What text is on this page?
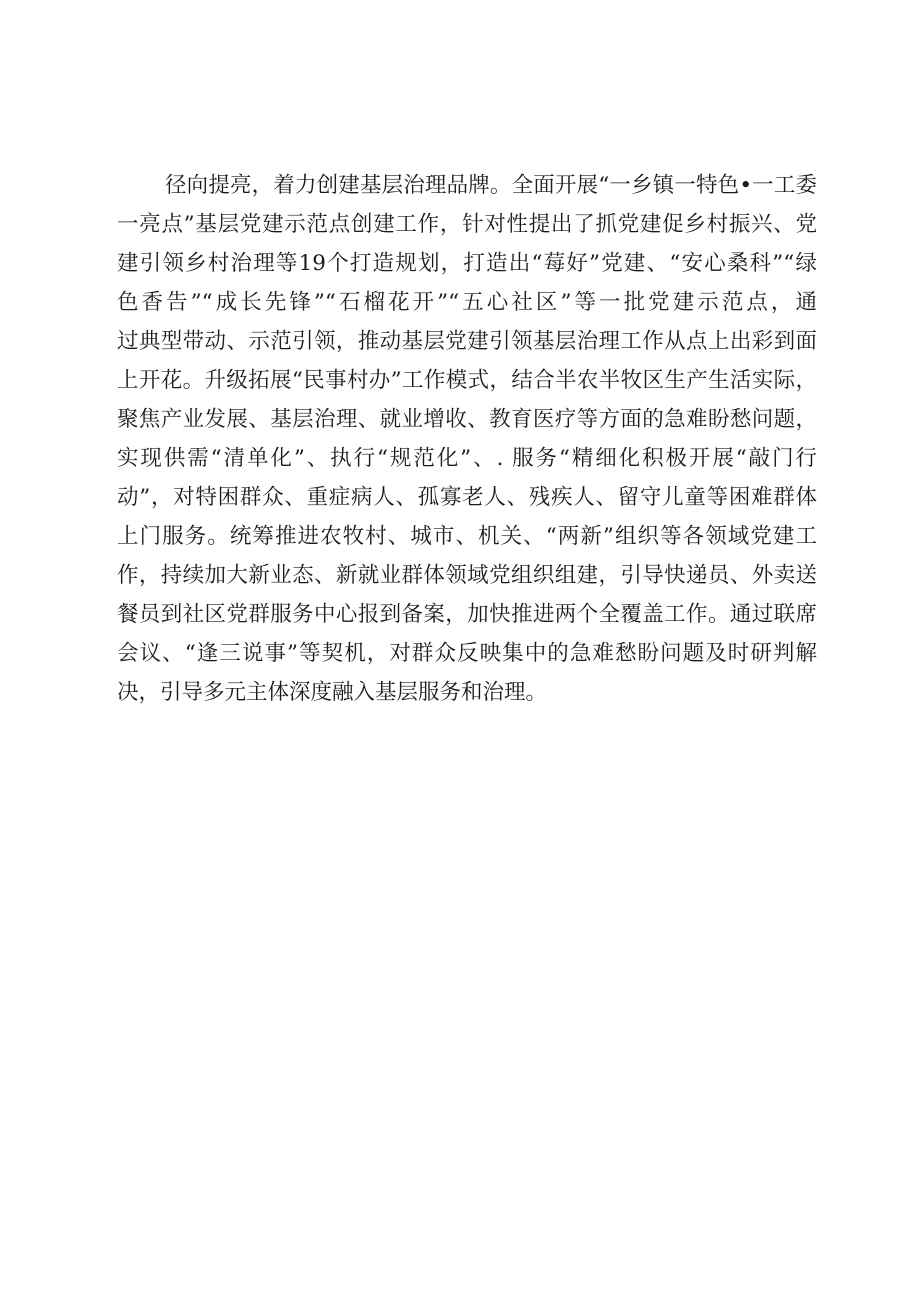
径向提亮，着力创建基层治理品牌。全面开展“一乡镇一特色•一工委
一亮点”基层党建示范点创建工作，针对性提出了抓党建促乡村振兴、党
建引领乡村治理等19个打造规划，打造出“莓好”党建、“安心桑科”“绿
色香告”“成长先锋”“石榴花开”“五心社区”等一批党建示范点，通
过典型带动、示范引领，推动基层党建引领基层治理工作从点上出彩到面
上开花。升级拓展“民事村办”工作模式，结合半农半牧区生产生活实际，
聚焦产业发展、基层治理、就业增收、教育医疗等方面的急难盼愁问题，
实现供需“清单化”、执行“规范化”、. 服务“精细化积极开展“敲门行
动”，对特困群众、重症病人、孤寡老人、残疾人、留守儿童等困难群体
上门服务。统筹推进农牧村、城市、机关、“两新”组织等各领域党建工
作，持续加大新业态、新就业群体领域党组织组建，引导快递员、外卖送
餐员到社区党群服务中心报到备案，加快推进两个全覆盖工作。通过联席
会议、“逢三说事”等契机，对群众反映集中的急难愁盼问题及时研判解
决，引导多元主体深度融入基层服务和治理。
